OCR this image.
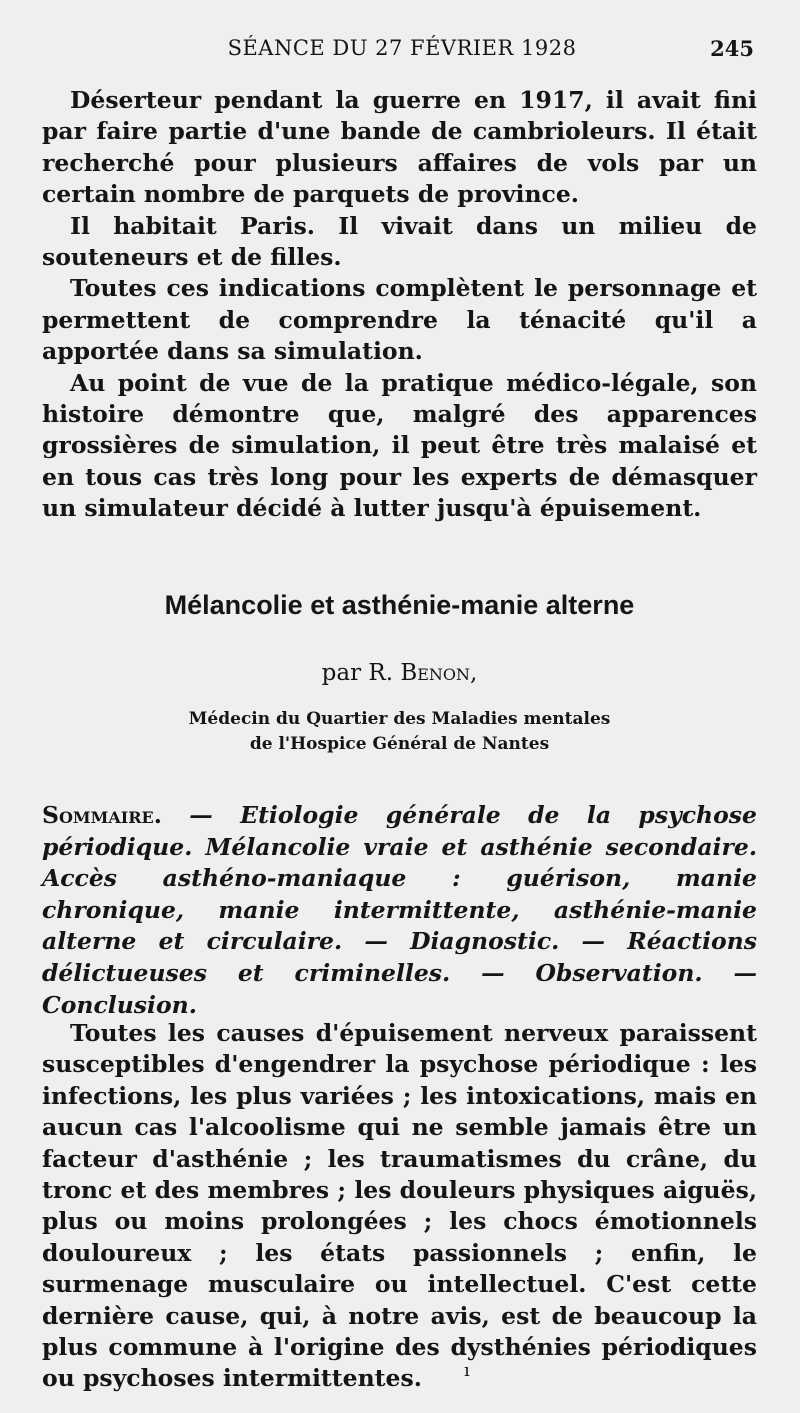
SÉANCE DU 27 FÉVRIER 1928	245

Déserteur pendant la guerre en 1917, il avait fini par faire partie d'une bande de cambrioleurs. Il était recherché pour plusieurs affaires de vols par un certain nombre de parquets de province.

Il habitait Paris. Il vivait dans un milieu de souteneurs et de filles.

Toutes ces indications complètent le personnage et permettent de comprendre la ténacité qu'il a apportée dans sa simulation.

Au point de vue de la pratique médico-légale, son histoire démontre que, malgré des apparences grossières de simulation, il peut être très malaisé et en tous cas très long pour les experts de démasquer un simulateur décidé à lutter jusqu'à épuisement.

Mélancolie et asthénie-manie alterne
par R. Benon,
Médecin du Quartier des Maladies mentales
de l'Hospice Général de Nantes
Sommaire. — Etiologie générale de la psychose périodique. Mélancolie vraie et asthénie secondaire. Accès asthéno-maniaque : guérison, manie chronique, manie intermittente, asthénie-manie alterne et circulaire. — Diagnostic. — Réactions délictueuses et criminelles. — Observation. — Conclusion.

Toutes les causes d'épuisement nerveux paraissent susceptibles d'engendrer la psychose périodique : les infections, les plus variées ; les intoxications, mais en aucun cas l'alcoolisme qui ne semble jamais être un facteur d'asthénie ; les traumatismes du crâne, du tronc et des membres ; les douleurs physiques aiguës, plus ou moins prolongées ; les chocs émotionnels douloureux ; les états passionnels ; enfin, le surmenage musculaire ou intellectuel. C'est cette dernière cause, qui, à notre avis, est de beaucoup la plus commune à l'origine des dysthénies périodiques ou psychoses intermittentes.	ı
